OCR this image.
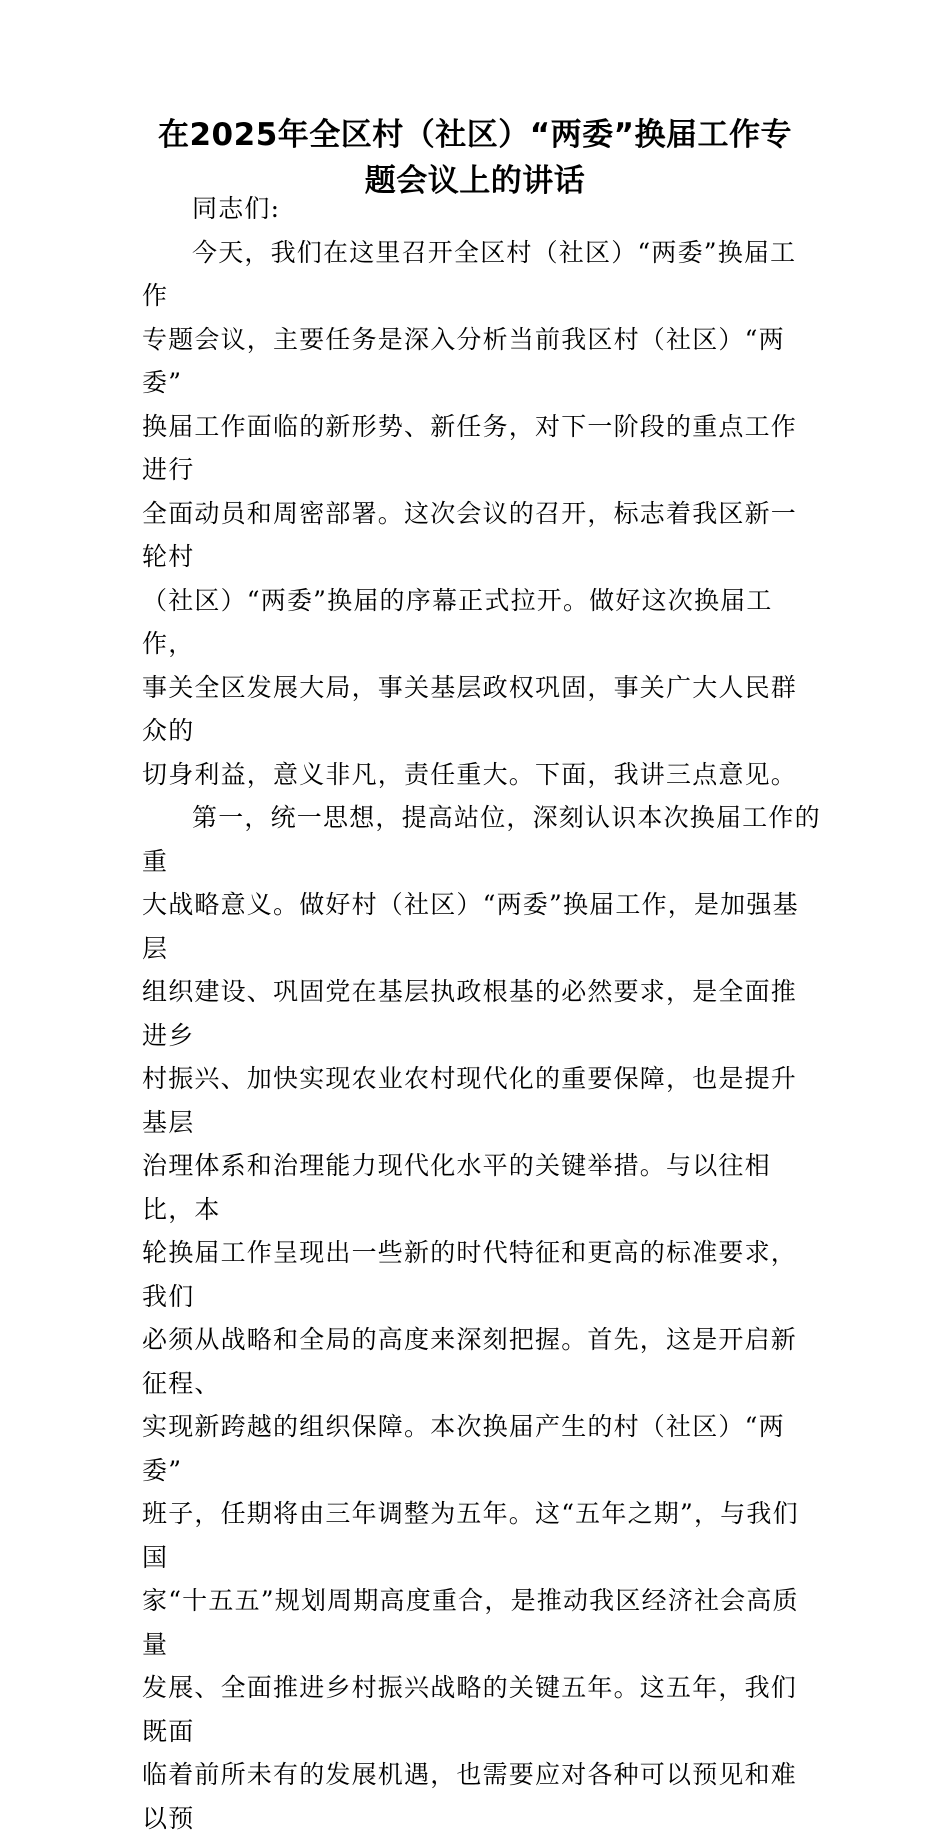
在2025年全区村（社区）“两委”换届工作专
题会议上的讲话

同志们:

今天，我们在这里召开全区村（社区）“两委”换届工作
专题会议，主要任务是深入分析当前我区村（社区）“两委”
换届工作面临的新形势、新任务，对下一阶段的重点工作进行
全面动员和周密部署。这次会议的召开，标志着我区新一轮村
（社区）“两委”换届的序幕正式拉开。做好这次换届工作，
事关全区发展大局，事关基层政权巩固，事关广大人民群众的
切身利益，意义非凡，责任重大。下面，我讲三点意见。
第一，统一思想，提高站位，深刻认识本次换届工作的重
大战略意义。做好村（社区）“两委”换届工作，是加强基层
组织建设、巩固党在基层执政根基的必然要求，是全面推进乡
村振兴、加快实现农业农村现代化的重要保障，也是提升基层
治理体系和治理能力现代化水平的关键举措。与以往相比，本
轮换届工作呈现出一些新的时代特征和更高的标准要求，我们
必须从战略和全局的高度来深刻把握。首先，这是开启新征程、
实现新跨越的组织保障。本次换届产生的村（社区）“两委”
班子，任期将由三年调整为五年。这“五年之期”，与我们国
家“十五五”规划周期高度重合，是推动我区经济社会高质量
发展、全面推进乡村振兴战略的关键五年。这五年，我们既面
临着前所未有的发展机遇，也需要应对各种可以预见和难以预
